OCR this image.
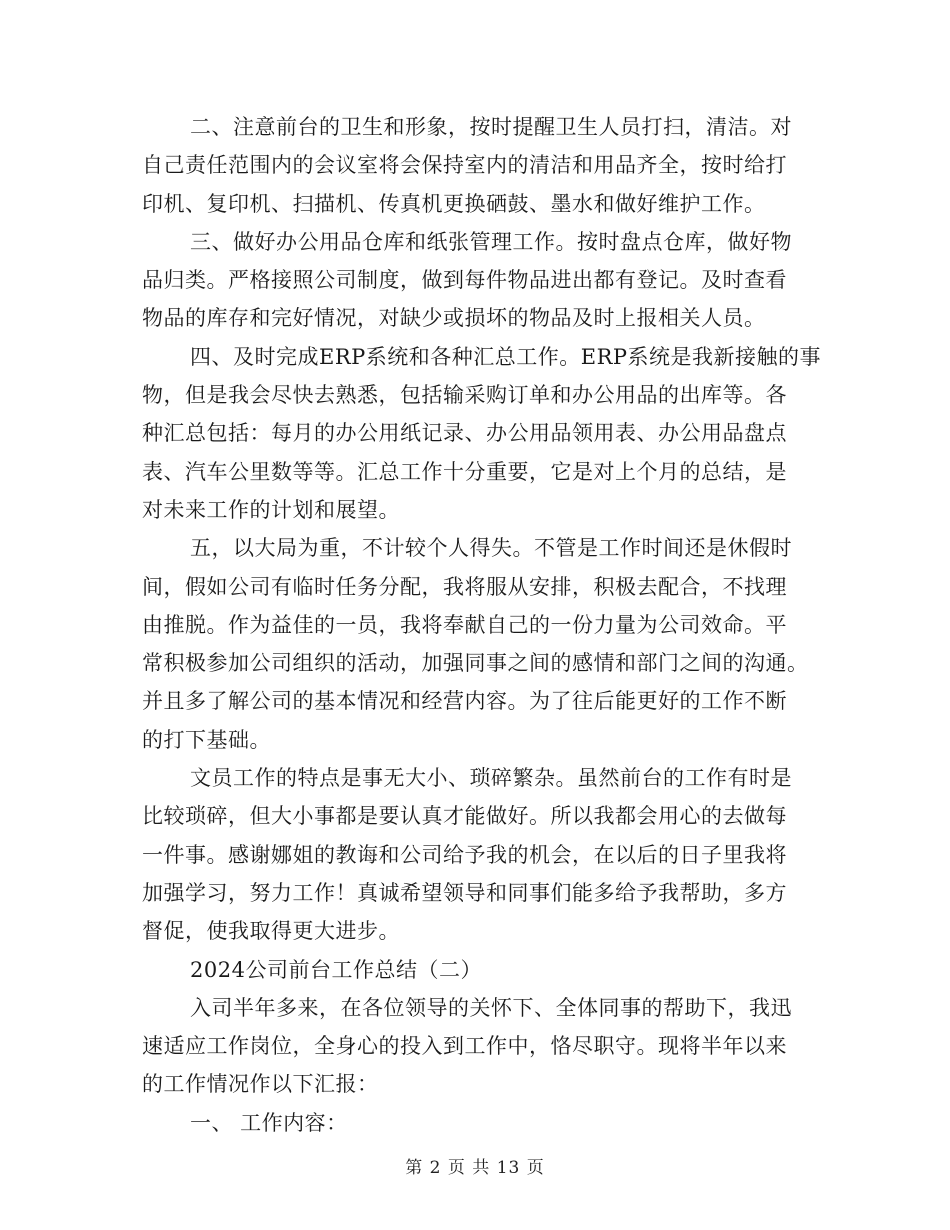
二、注意前台的卫生和形象，按时提醒卫生人员打扫，清洁。对
自己责任范围内的会议室将会保持室内的清洁和用品齐全，按时给打
印机、复印机、扫描机、传真机更换硒鼓、墨水和做好维护工作。
三、做好办公用品仓库和纸张管理工作。按时盘点仓库，做好物
品归类。严格接照公司制度，做到每件物品进出都有登记。及时查看
物品的库存和完好情况，对缺少或损坏的物品及时上报相关人员。
四、及时完成ERP系统和各种汇总工作。ERP系统是我新接触的事
物，但是我会尽快去熟悉，包括输采购订单和办公用品的出库等。各
种汇总包括：每月的办公用纸记录、办公用品领用表、办公用品盘点
表、汽车公里数等等。汇总工作十分重要，它是对上个月的总结，是
对未来工作的计划和展望。
五，以大局为重，不计较个人得失。不管是工作时间还是休假时
间，假如公司有临时任务分配，我将服从安排，积极去配合，不找理
由推脱。作为益佳的一员，我将奉献自己的一份力量为公司效命。平
常积极参加公司组织的活动，加强同事之间的感情和部门之间的沟通。
并且多了解公司的基本情况和经营内容。为了往后能更好的工作不断
的打下基础。
文员工作的特点是事无大小、琐碎繁杂。虽然前台的工作有时是
比较琐碎，但大小事都是要认真才能做好。所以我都会用心的去做每
一件事。感谢娜姐的教诲和公司给予我的机会，在以后的日子里我将
加强学习，努力工作！真诚希望领导和同事们能多给予我帮助，多方
督促，使我取得更大进步。
2024公司前台工作总结（二）
入司半年多来，在各位领导的关怀下、全体同事的帮助下，我迅
速适应工作岗位，全身心的投入到工作中，恪尽职守。现将半年以来
的工作情况作以下汇报：
一、 工作内容：
第 2 页 共 13 页
